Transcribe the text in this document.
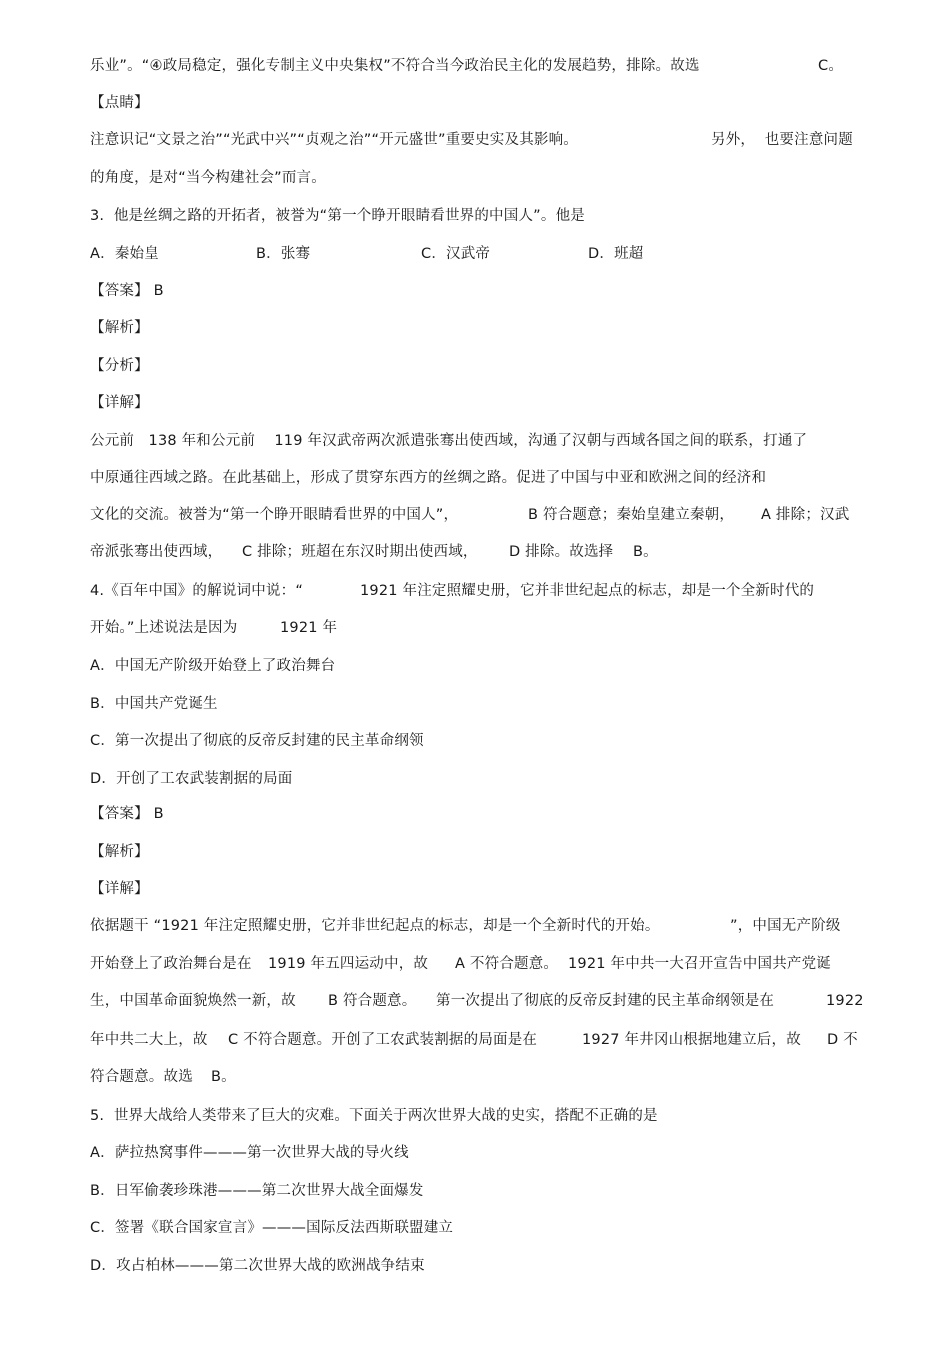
乐业”。“④政局稳定，强化专制主义中央集权”不符合当今政治民主化的发展趋势，排除。故选	C。
【点睛】
注意识记“文景之治”“光武中兴”“贞观之治”“开元盛世”重要史实及其影响。	另外，  也要注意问题
的角度，是对“当今构建社会”而言。
3.  他是丝绸之路的开拓者，被誉为“第一个睁开眼睛看世界的中国人”。他是
A．秦始皇	B．张骞	C．汉武帝	D．班超
【答案】 B
【解析】
【分析】
【详解】
公元前   138 年和公元前    119 年汉武帝两次派遣张骞出使西域，沟通了汉朝与西域各国之间的联系，打通了
中原通往西域之路。在此基础上，形成了贯穿东西方的丝绸之路。促进了中国与中亚和欧洲之间的经济和
文化的交流。被誉为“第一个睁开眼睛看世界的中国人”，	B 符合题意；秦始皇建立秦朝， A 排除；汉武
帝派张骞出使西域， C 排除；班超在东汉时期出使西域， D 排除。故选择 B。
4.《百年中国》的解说词中说：“	1921 年注定照耀史册，它并非世纪起点的标志，却是一个全新时代的
开始。”上述说法是因为	1921 年
A．中国无产阶级开始登上了政治舞台
B．中国共产党诞生
C．第一次提出了彻底的反帝反封建的民主革命纲领
D．开创了工农武装割据的局面
【答案】 B
【解析】
【详解】
依据题干 “1921 年注定照耀史册，它并非世纪起点的标志，却是一个全新时代的开始。	”，中国无产阶级
开始登上了政治舞台是在 1919 年五四运动中，故 A 不符合题意。 1921 年中共一大召开宣告中国共产党诞
生，中国革命面貌焕然一新，故 B 符合题意。 第一次提出了彻底的反帝反封建的民主革命纲领是在	1922
年中共二大上，故 C 不符合题意。开创了工农武装割据的局面是在	1927 年井冈山根据地建立后，故 D 不
符合题意。故选 B。
5.  世界大战给人类带来了巨大的灾难。下面关于两次世界大战的史实，搭配不正确的是
A．萨拉热窝事件———第一次世界大战的导火线
B．日军偷袭珍珠港———第二次世界大战全面爆发
C．签署《联合国家宣言》———国际反法西斯联盟建立
D．攻占柏林———第二次世界大战的欧洲战争结束
